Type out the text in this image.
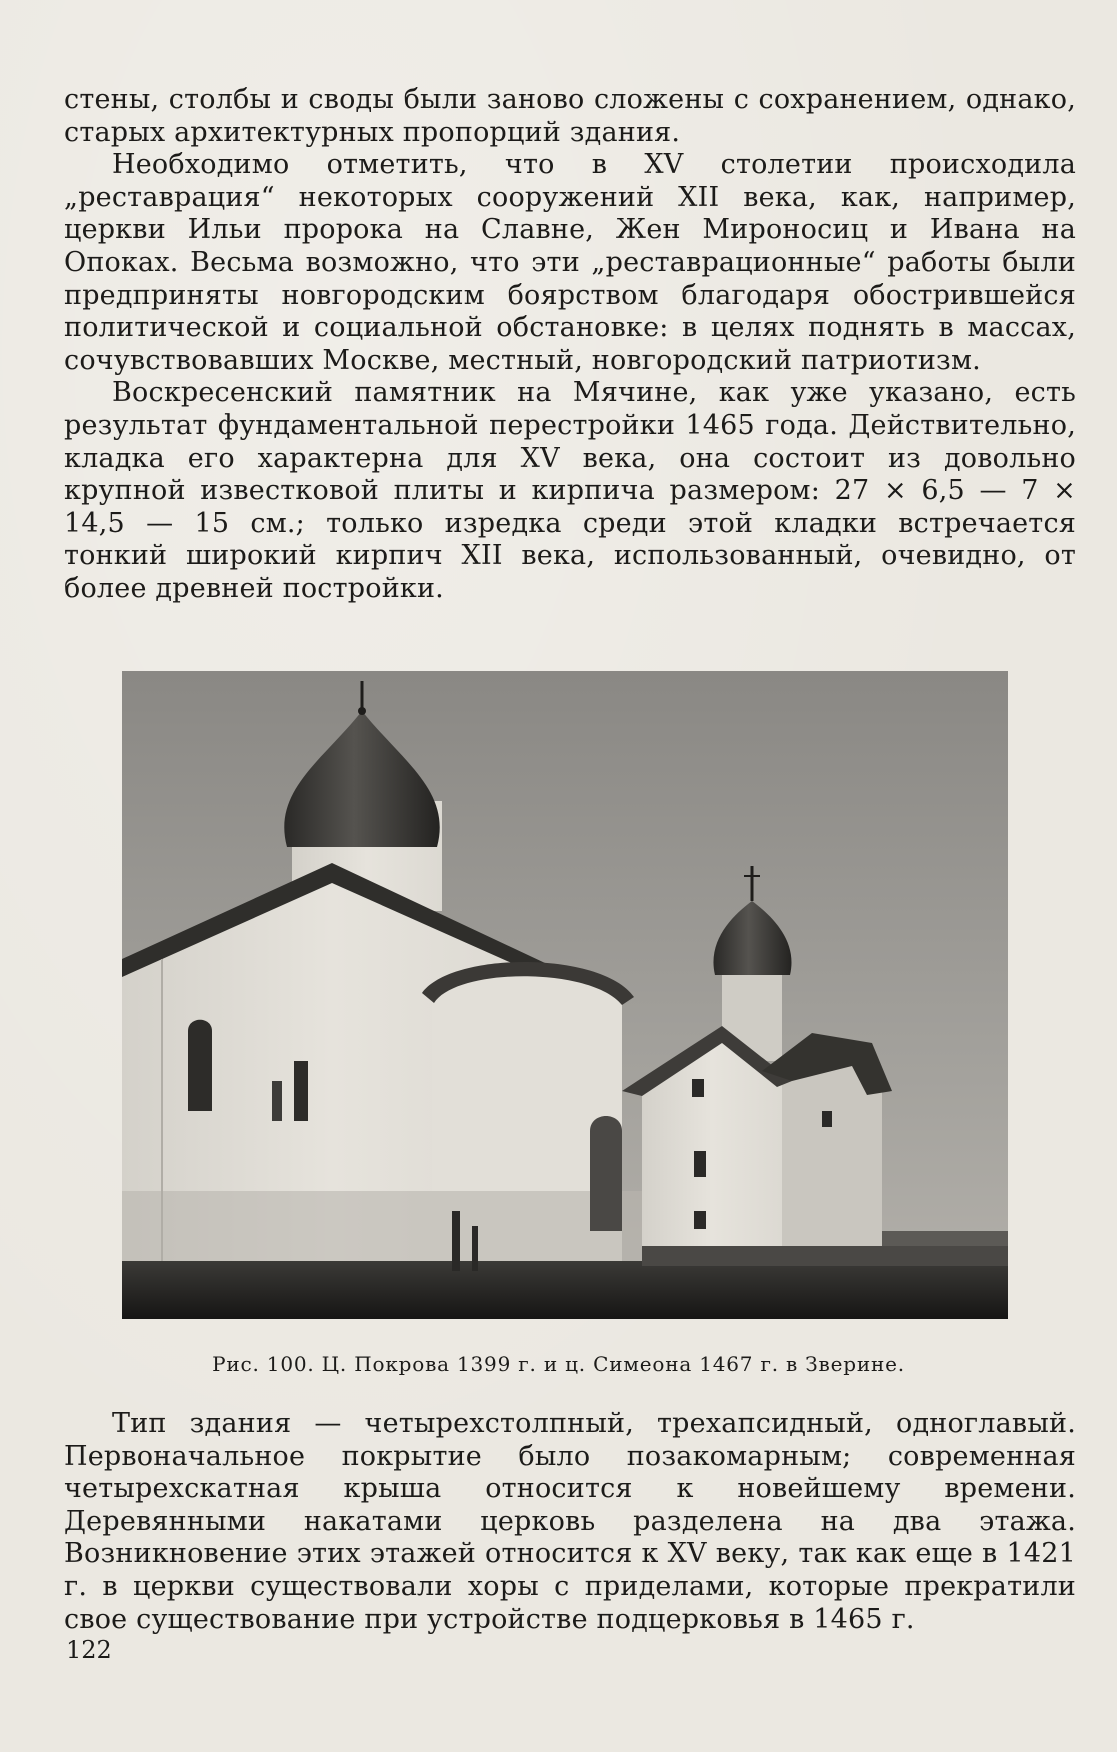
стены, столбы и своды были заново сложены с сохранением, однако, старых архитектурных пропорций здания.

Необходимо отметить, что в XV столетии происходила „реставрация“ некоторых сооружений XII века, как, например, церкви Ильи пророка на Славне, Жен Мироносиц и Ивана на Опоках. Весьма возможно, что эти „реставрационные“ работы были предприняты новгородским боярством благодаря обострившейся политической и социальной обстановке: в целях поднять в массах, сочувствовавших Москве, местный, новгородский патриотизм.

Воскресенский памятник на Мячине, как уже указано, есть результат фундаментальной перестройки 1465 года. Действительно, кладка его характерна для XV века, она состоит из довольно крупной известковой плиты и кирпича размером: 27 × 6,5 — 7 × 14,5 — 15 см.; только изредка среди этой кладки встречается тонкий широкий кирпич XII века, использованный, очевидно, от более древней постройки.

Рис. 100. Ц. Покрова 1399 г. и ц. Симеона 1467 г. в Зверине.

Тип здания — четырехстолпный, трехапсидный, одноглавый. Первоначальное покрытие было позакомарным; современная четырехскатная крыша относится к новейшему времени. Деревянными накатами церковь разделена на два этажа. Возникновение этих этажей относится к XV веку, так как еще в 1421 г. в церкви существовали хоры с приделами, которые прекратили свое существование при устройстве подцерковья в 1465 г.

122
